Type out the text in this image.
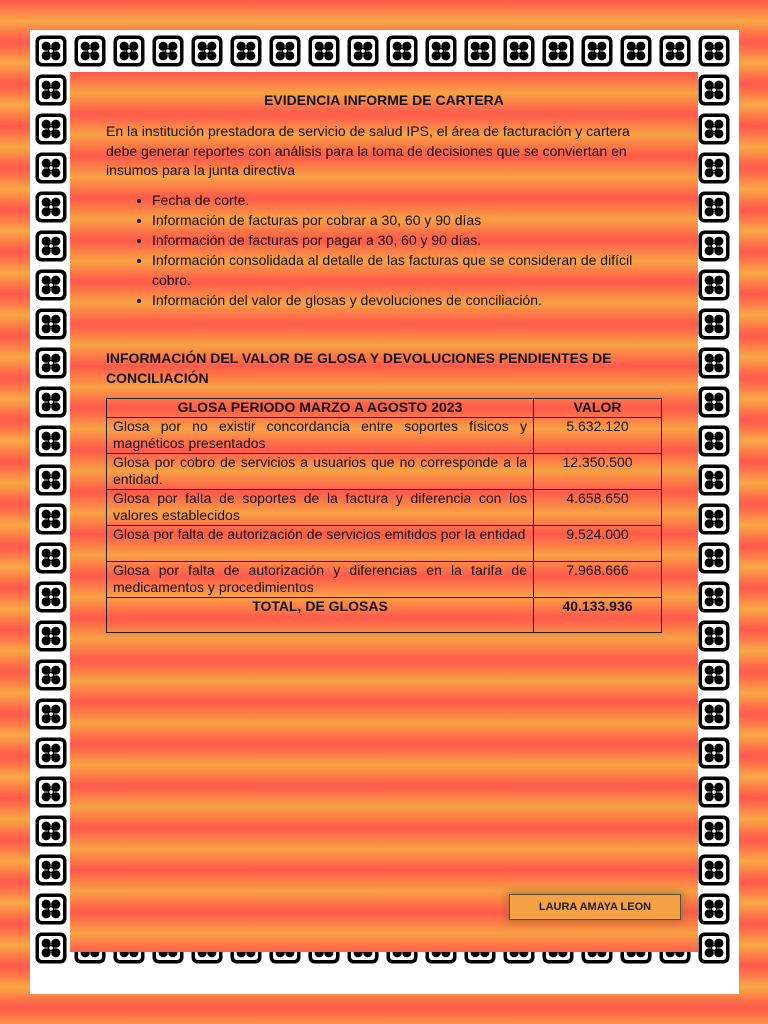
EVIDENCIA INFORME DE CARTERA

En la institución prestadora de servicio de salud IPS, el área de facturación y cartera debe generar reportes con análisis para la toma de decisiones que se conviertan en insumos para la junta directiva

• Fecha de corte.
• Información de facturas por cobrar a 30, 60 y 90 días
• Información de facturas por pagar a 30, 60 y 90 días.
• Información consolidada al detalle de las facturas que se consideran de difícil cobro.
• Información del valor de glosas y devoluciones de conciliación.
INFORMACIÓN DEL VALOR DE GLOSA Y DEVOLUCIONES PENDIENTES DE CONCILIACIÓN
GLOSA PERIODO MARZO A AGOSTO 2023	VALOR
Glosa por no existir concordancia entre soportes físicos y magnéticos presentados	5.632.120
Glosa por cobro de servicios a usuarios que no corresponde a la entidad.	12.350.500
Glosa por falta de soportes de la factura y diferencia con los valores establecidos	4.658.650
Glosa por falta de autorización de servicios emitidos por la entidad	9.524.000
Glosa por falta de autorización y diferencias en la tarifa de medicamentos y procedimientos	7.968.666
TOTAL, DE GLOSAS	40.133.936
LAURA AMAYA LEON
